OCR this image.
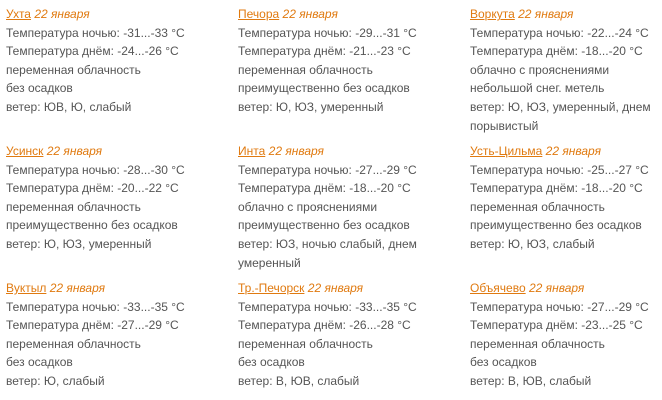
Ухта 22 января
Температура ночью: -31...-33 °C
Температура днём: -24...-26 °C
переменная облачность
без осадков
ветер: ЮВ, Ю, слабый
Печора 22 января
Температура ночью: -29...-31 °C
Температура днём: -21...-23 °C
переменная облачность
преимущественно без осадков
ветер: Ю, ЮЗ, умеренный
Воркута 22 января
Температура ночью: -22...-24 °C
Температура днём: -18...-20 °C
облачно с прояснениями
небольшой снег. метель
ветер: Ю, ЮЗ, умеренный, днем
порывистый
Усинск 22 января
Температура ночью: -28...-30 °C
Температура днём: -20...-22 °C
переменная облачность
преимущественно без осадков
ветер: Ю, ЮЗ, умеренный
Инта 22 января
Температура ночью: -27...-29 °C
Температура днём: -18...-20 °C
облачно с прояснениями
преимущественно без осадков
ветер: ЮЗ, ночью слабый, днем
умеренный
Усть-Цильма 22 января
Температура ночью: -25...-27 °C
Температура днём: -18...-20 °C
переменная облачность
преимущественно без осадков
ветер: Ю, ЮЗ, слабый
Вуктыл 22 января
Температура ночью: -33...-35 °C
Температура днём: -27...-29 °C
переменная облачность
без осадков
ветер: Ю, слабый
Тр.-Печорск 22 января
Температура ночью: -33...-35 °C
Температура днём: -26...-28 °C
переменная облачность
без осадков
ветер: В, ЮВ, слабый
Объячево 22 января
Температура ночью: -27...-29 °C
Температура днём: -23...-25 °C
переменная облачность
без осадков
ветер: В, ЮВ, слабый
